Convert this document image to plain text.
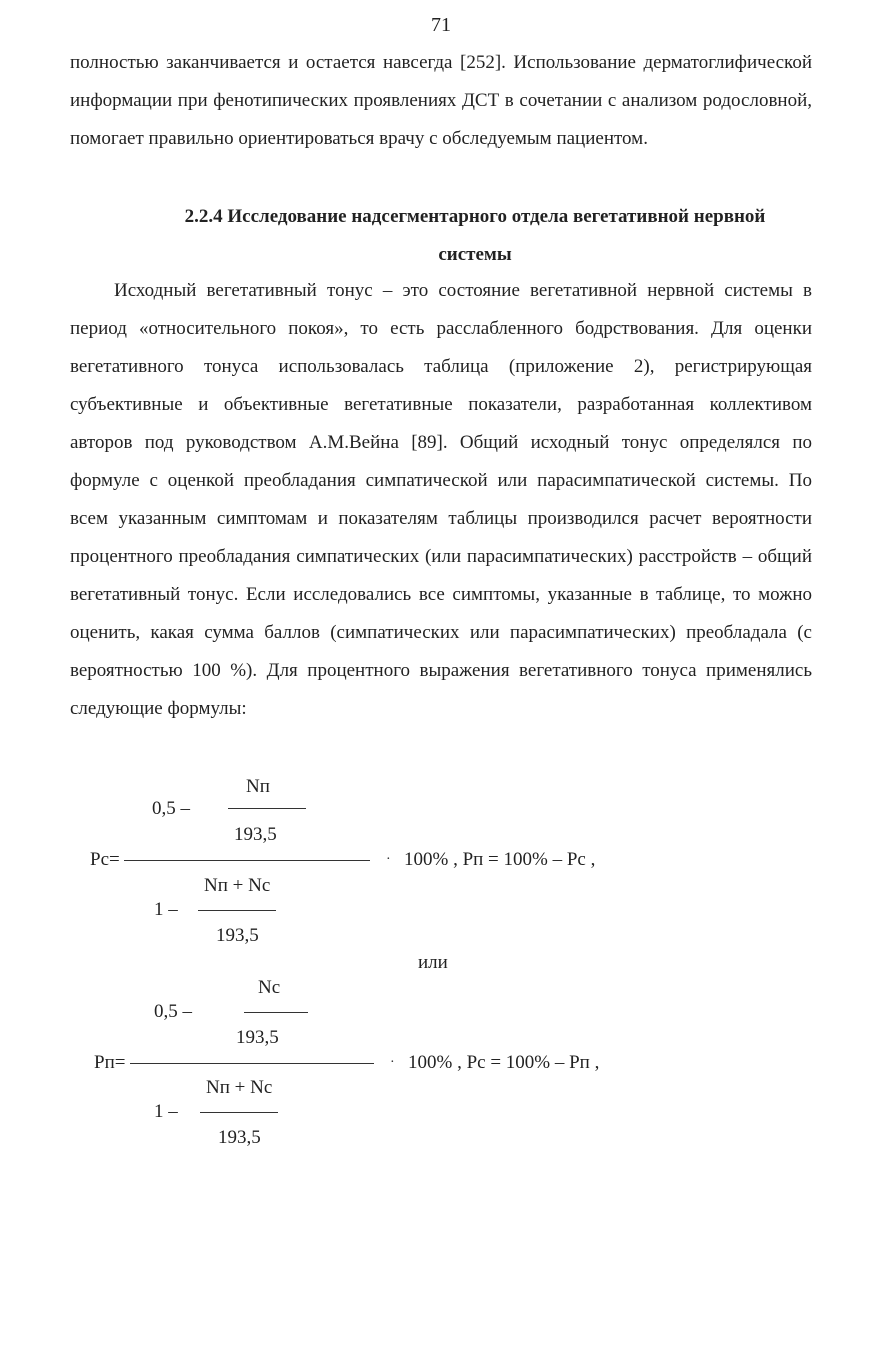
71

полностью заканчивается и остается навсегда [252]. Использование дерматоглифической информации при фенотипических проявлениях ДСТ в сочетании с анализом родословной, помогает правильно ориентироваться врачу с обследуемым пациентом.

2.2.4 Исследование надсегментарного отдела вегетативной нервной
системы

Исходный вегетативный тонус – это состояние вегетативной нервной системы в период «относительного покоя», то есть расслабленного бодрствования. Для оценки вегетативного тонуса использовалась таблица (приложение 2), регистрирующая субъективные и объективные вегетативные показатели, разработанная коллективом авторов под руководством А.М.Вейна [89]. Общий исходный тонус определялся по формуле с оценкой преобладания симпатической или парасимпатической системы. По всем указанным симптомам и показателям таблицы производился расчет вероятности процентного преобладания симпатических (или парасимпатических) расстройств – общий вегетативный тонус. Если исследовались все симптомы, указанные в таблице, то можно оценить, какая сумма баллов (симпатических или парасимпатических) преобладала (с вероятностью 100 %). Для процентного выражения вегетативного тонуса применялись следующие формулы:

Nп
0,5 –
193,5
Рс=	· 100% , Рп = 100% – Рс ,
Nп + Nс
1 –
193,5
или
Nс
0,5 –
193,5
Рп=	· 100% , Рс = 100% – Рп ,
Nп + Nс
1 –
193,5
